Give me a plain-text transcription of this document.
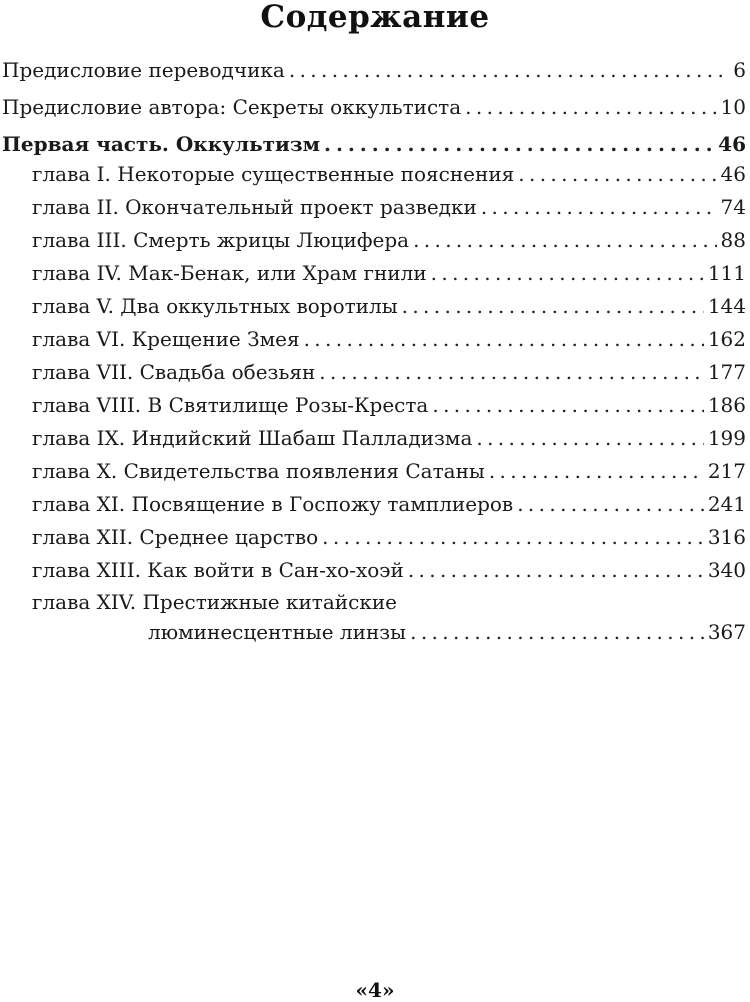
Содержание
Предисловие переводчика . . .	6
Предисловие автора: Секреты оккультиста . . .	10
Первая часть. Оккультизм . . .	46
глава I. Некоторые существенные пояснения . . .	46
глава II. Окончательный проект разведки . . .	74
глава III. Смерть жрицы Люцифера . . .	88
глава IV. Мак-Бенак, или Храм гнили . . .	111
глава V. Два оккультных воротилы . . .	144
глава VI. Крещение Змея . . .	162
глава VII. Свадьба обезьян . . .	177
глава VIII. В Святилище Розы-Креста . . .	186
глава IX. Индийский Шабаш Палладизма . . .	199
глава X. Свидетельства появления Сатаны . . .	217
глава XI. Посвящение в Госпожу тамплиеров . . .	241
глава XII. Среднее царство . . .	316
глава XIII. Как войти в Сан-хо-хоэй . . .	340
глава XIV. Престижные китайские
люминесцентные линзы . . .	367
«4»
